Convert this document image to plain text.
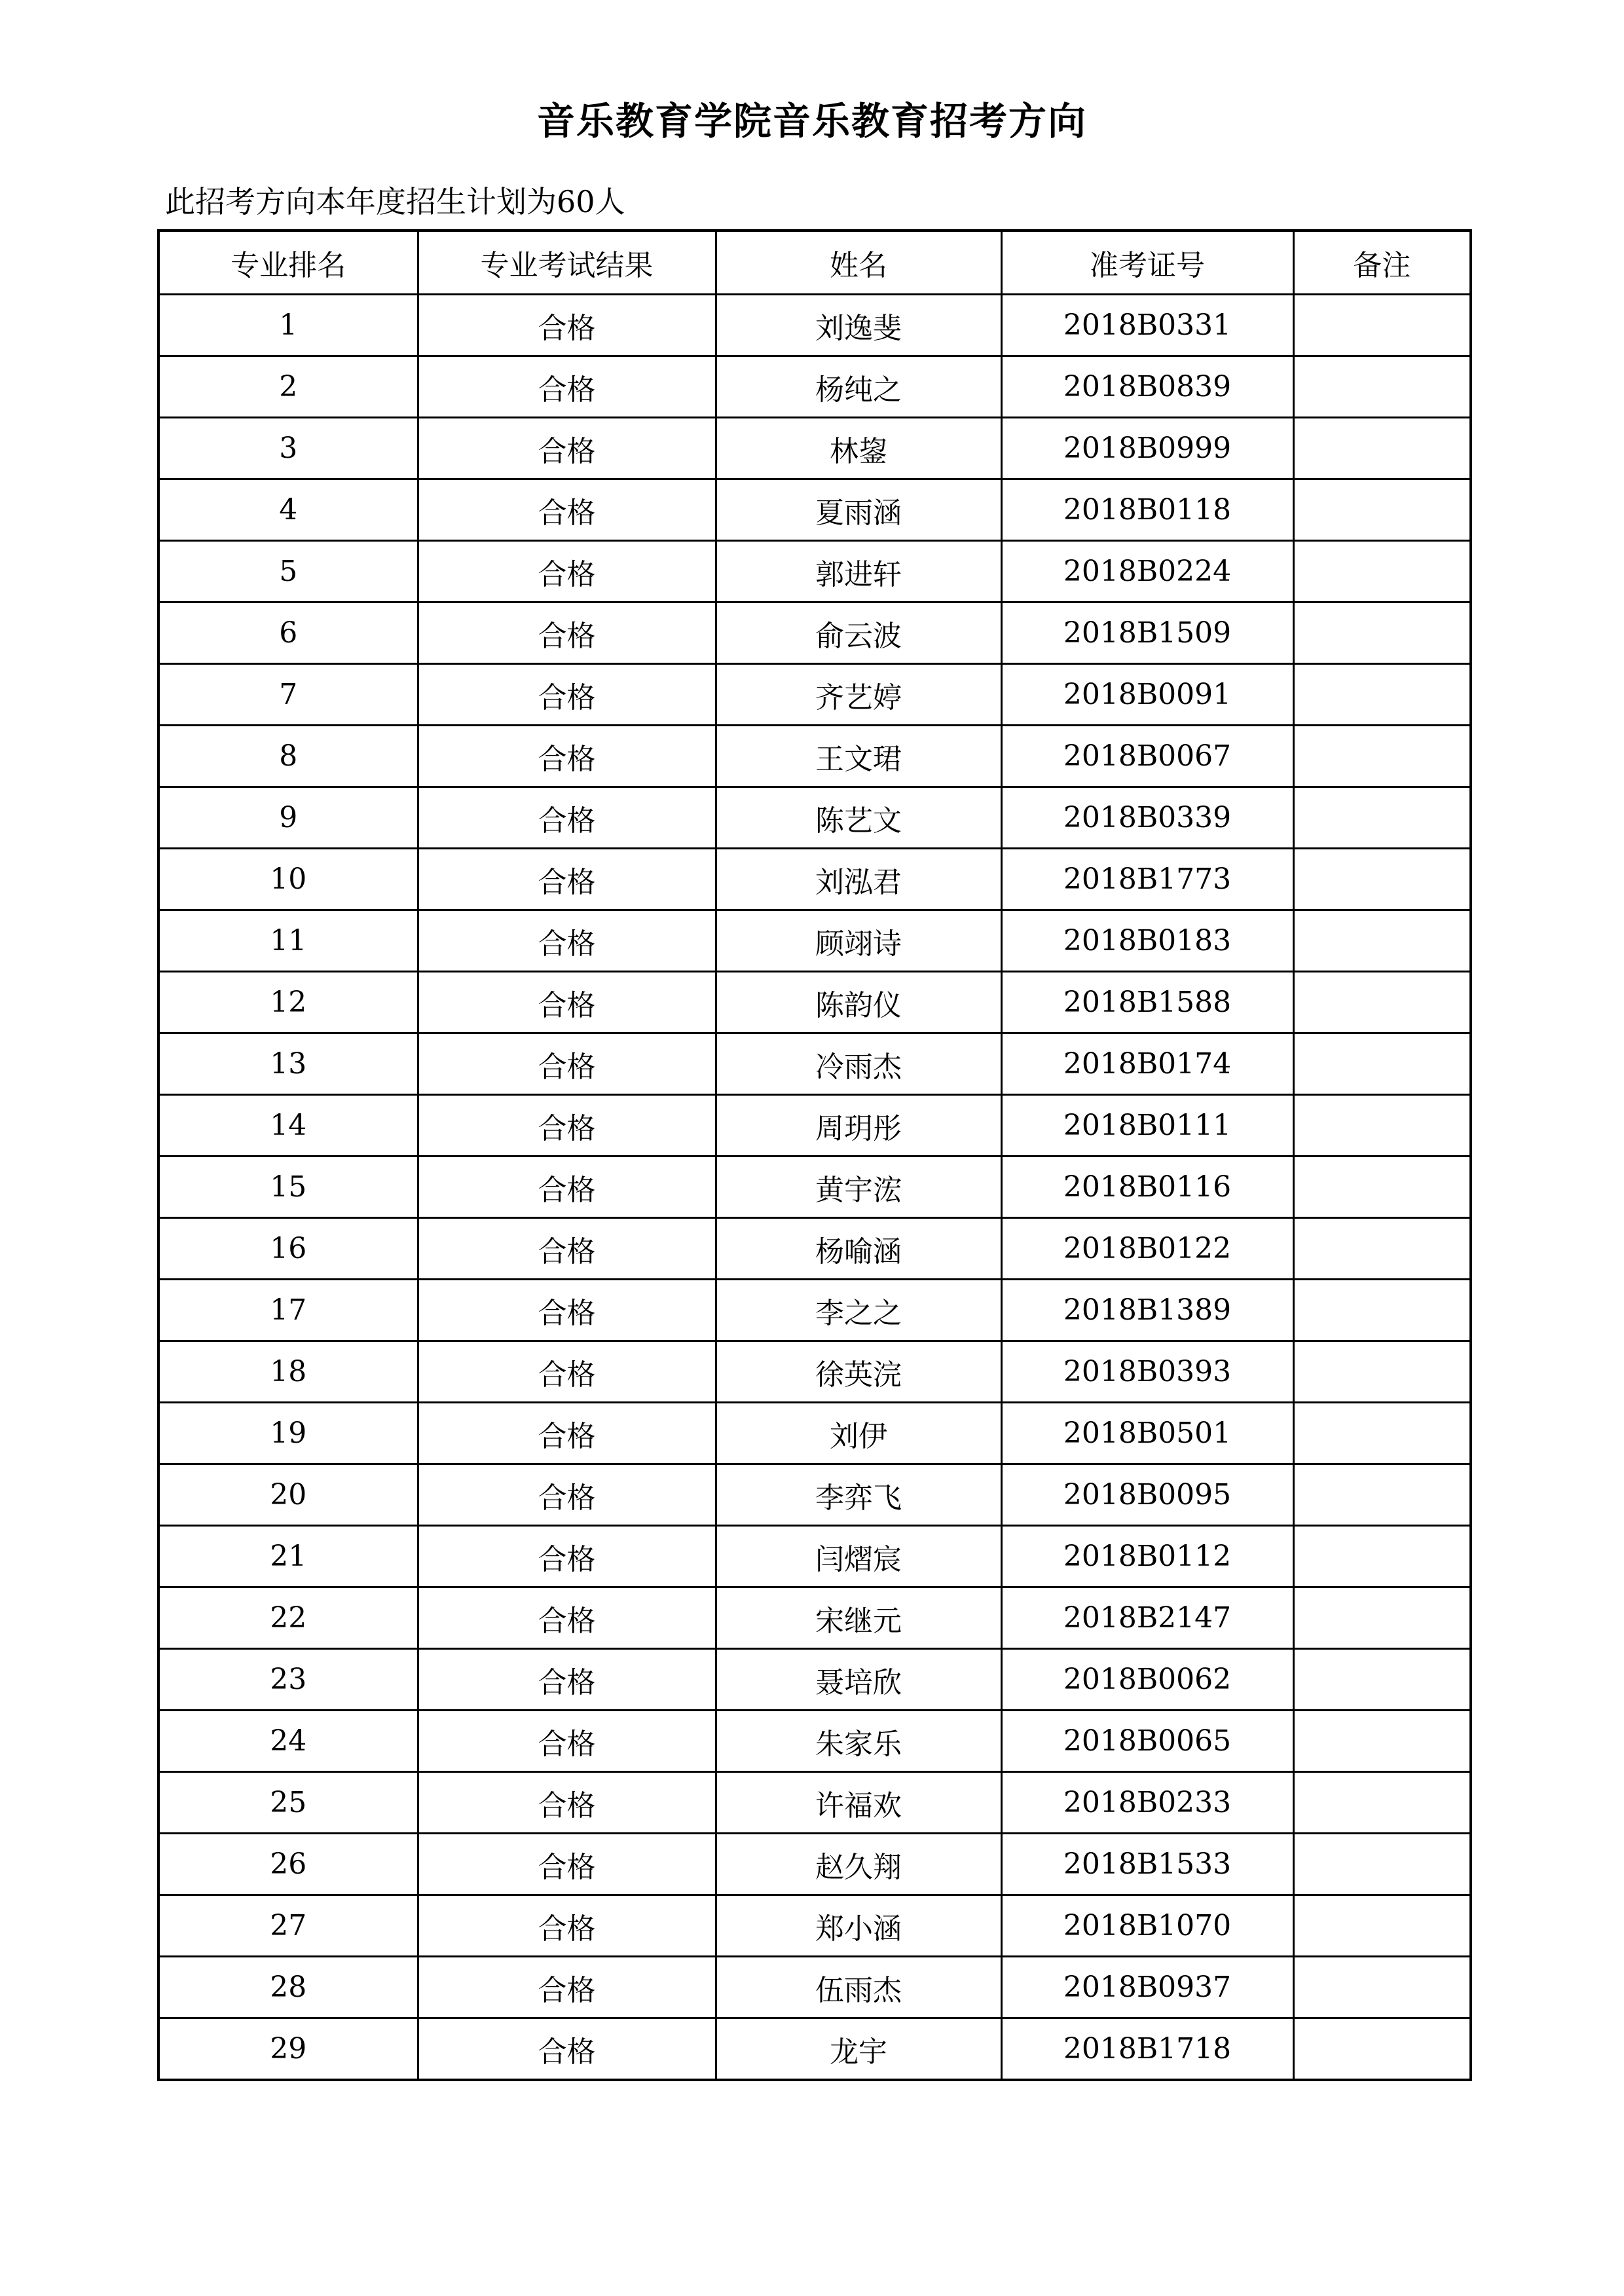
音乐教育学院音乐教育招考方向
此招考方向本年度招生计划为60人
专业排名	专业考试结果	姓名	准考证号	备注
1	合格	刘逸斐	2018B0331	
2	合格	杨纯之	2018B0839	
3	合格	林鋆	2018B0999	
4	合格	夏雨涵	2018B0118	
5	合格	郭进轩	2018B0224	
6	合格	俞云波	2018B1509	
7	合格	齐艺婷	2018B0091	
8	合格	王文珺	2018B0067	
9	合格	陈艺文	2018B0339	
10	合格	刘泓君	2018B1773	
11	合格	顾翊诗	2018B0183	
12	合格	陈韵仪	2018B1588	
13	合格	冷雨杰	2018B0174	
14	合格	周玥彤	2018B0111	
15	合格	黄宇浤	2018B0116	
16	合格	杨喻涵	2018B0122	
17	合格	李之之	2018B1389	
18	合格	徐英浣	2018B0393	
19	合格	刘伊	2018B0501	
20	合格	李弈飞	2018B0095	
21	合格	闫熠宸	2018B0112	
22	合格	宋继元	2018B2147	
23	合格	聂培欣	2018B0062	
24	合格	朱家乐	2018B0065	
25	合格	许福欢	2018B0233	
26	合格	赵久翔	2018B1533	
27	合格	郑小涵	2018B1070	
28	合格	伍雨杰	2018B0937	
29	合格	龙宇	2018B1718	
